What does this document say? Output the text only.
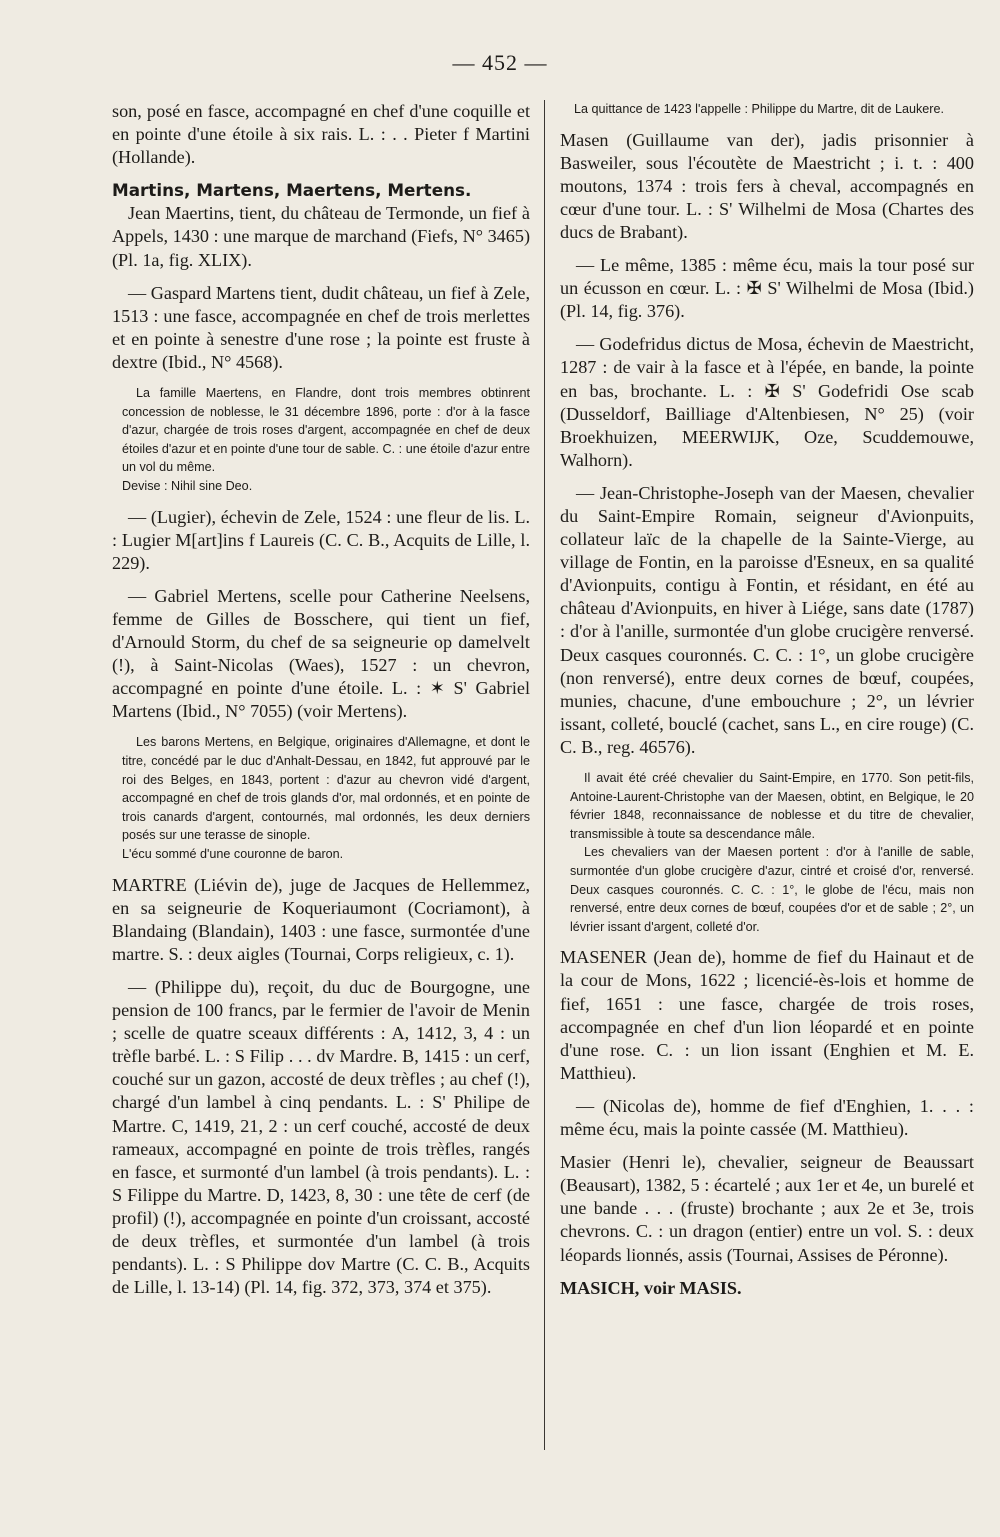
— 452 —

son, posé en fasce, accompagné en chef d'une coquille et en pointe d'une étoile à six rais. L. : . . Pieter f Martini (Hollande).

Martins, Martens, Maertens, Mertens.

Jean Maertins, tient, du château de Termonde, un fief à Appels, 1430 : une marque de marchand (Fiefs, N° 3465) (Pl. 1a, fig. XLIX).

— Gaspard Martens tient, dudit château, un fief à Zele, 1513 : une fasce, accompagnée en chef de trois merlettes et en pointe à senestre d'une rose ; la pointe est fruste à dextre (Ibid., N° 4568).

La famille Maertens, en Flandre, dont trois membres obtinrent concession de noblesse, le 31 décembre 1896, porte : d'or à la fasce d'azur, chargée de trois roses d'argent, accompagnée en chef de deux étoiles d'azur et en pointe d'une tour de sable. C. : une étoile d'azur entre un vol du même.

Devise : Nihil sine Deo.

— (Lugier), échevin de Zele, 1524 : une fleur de lis. L. : Lugier M[art]ins f Laureis (C. C. B., Acquits de Lille, l. 229).

— Gabriel Mertens, scelle pour Catherine Neelsens, femme de Gilles de Bosschere, qui tient un fief, d'Arnould Storm, du chef de sa seigneurie op damelvelt (!), à Saint-Nicolas (Waes), 1527 : un chevron, accompagné en pointe d'une étoile. L. : ✶ S' Gabriel Martens (Ibid., N° 7055) (voir Mertens).

Les barons Mertens, en Belgique, originaires d'Allemagne, et dont le titre, concédé par le duc d'Anhalt-Dessau, en 1842, fut approuvé par le roi des Belges, en 1843, portent : d'azur au chevron vidé d'argent, accompagné en chef de trois glands d'or, mal ordonnés, et en pointe de trois canards d'argent, contournés, mal ordonnés, les deux derniers posés sur une terasse de sinople.

L'écu sommé d'une couronne de baron.

MARTRE (Liévin de), juge de Jacques de Hellemmez, en sa seigneurie de Koqueriaumont (Cocriamont), à Blandaing (Blandain), 1403 : une fasce, surmontée d'une martre. S. : deux aigles (Tournai, Corps religieux, c. 1).

— (Philippe du), reçoit, du duc de Bourgogne, une pension de 100 francs, par le fermier de l'avoir de Menin ; scelle de quatre sceaux différents : A, 1412, 3, 4 : un trèfle barbé. L. : S Filip . . . dv Mardre. B, 1415 : un cerf, couché sur un gazon, accosté de deux trèfles ; au chef (!), chargé d'un lambel à cinq pendants. L. : S' Philipe de Martre. C, 1419, 21, 2 : un cerf couché, accosté de deux rameaux, accompagné en pointe de trois trèfles, rangés en fasce, et surmonté d'un lambel (à trois pendants). L. : S Filippe du Martre. D, 1423, 8, 30 : une tête de cerf (de profil) (!), accompagnée en pointe d'un croissant, accosté de deux trèfles, et surmontée d'un lambel (à trois pendants). L. : S Philippe dov Martre (C. C. B., Acquits de Lille, l. 13-14) (Pl. 14, fig. 372, 373, 374 et 375).

La quittance de 1423 l'appelle : Philippe du Martre, dit de Laukere.

Masen (Guillaume van der), jadis prisonnier à Basweiler, sous l'écoutète de Maestricht ; i. t. : 400 moutons, 1374 : trois fers à cheval, accompagnés en cœur d'une tour. L. : S' Wilhelmi de Mosa (Chartes des ducs de Brabant).

— Le même, 1385 : même écu, mais la tour posé sur un écusson en cœur. L. : ✠ S' Wilhelmi de Mosa (Ibid.) (Pl. 14, fig. 376).

— Godefridus dictus de Mosa, échevin de Maestricht, 1287 : de vair à la fasce et à l'épée, en bande, la pointe en bas, brochante. L. : ✠ S' Godefridi Ose scab (Dusseldorf, Bailliage d'Altenbiesen, N° 25) (voir Broekhuizen, MEERWIJK, Oze, Scuddemouwe, Walhorn).

— Jean-Christophe-Joseph van der Maesen, chevalier du Saint-Empire Romain, seigneur d'Avionpuits, collateur laïc de la chapelle de la Sainte-Vierge, au village de Fontin, en la paroisse d'Esneux, en sa qualité d'Avionpuits, contigu à Fontin, et résidant, en été au château d'Avionpuits, en hiver à Liége, sans date (1787) : d'or à l'anille, surmontée d'un globe crucigère renversé. Deux casques couronnés. C. C. : 1°, un globe crucigère (non renversé), entre deux cornes de bœuf, coupées, munies, chacune, d'une embouchure ; 2°, un lévrier issant, colleté, bouclé (cachet, sans L., en cire rouge) (C. C. B., reg. 46576).

Il avait été créé chevalier du Saint-Empire, en 1770. Son petit-fils, Antoine-Laurent-Christophe van der Maesen, obtint, en Belgique, le 20 février 1848, reconnaissance de noblesse et du titre de chevalier, transmissible à toute sa descendance mâle.

Les chevaliers van der Maesen portent : d'or à l'anille de sable, surmontée d'un globe crucigère d'azur, cintré et croisé d'or, renversé. Deux casques couronnés. C. C. : 1°, le globe de l'écu, mais non renversé, entre deux cornes de bœuf, coupées d'or et de sable ; 2°, un lévrier issant d'argent, colleté d'or.

MASENER (Jean de), homme de fief du Hainaut et de la cour de Mons, 1622 ; licencié-ès-lois et homme de fief, 1651 : une fasce, chargée de trois roses, accompagnée en chef d'un lion léopardé et en pointe d'une rose. C. : un lion issant (Enghien et M. E. Matthieu).

— (Nicolas de), homme de fief d'Enghien, 1. . . : même écu, mais la pointe cassée (M. Matthieu).

Masier (Henri le), chevalier, seigneur de Beaussart (Beausart), 1382, 5 : écartelé ; aux 1er et 4e, un burelé et une bande . . . (fruste) brochante ; aux 2e et 3e, trois chevrons. C. : un dragon (entier) entre un vol. S. : deux léopards lionnés, assis (Tournai, Assises de Péronne).

MASICH, voir MASIS.
